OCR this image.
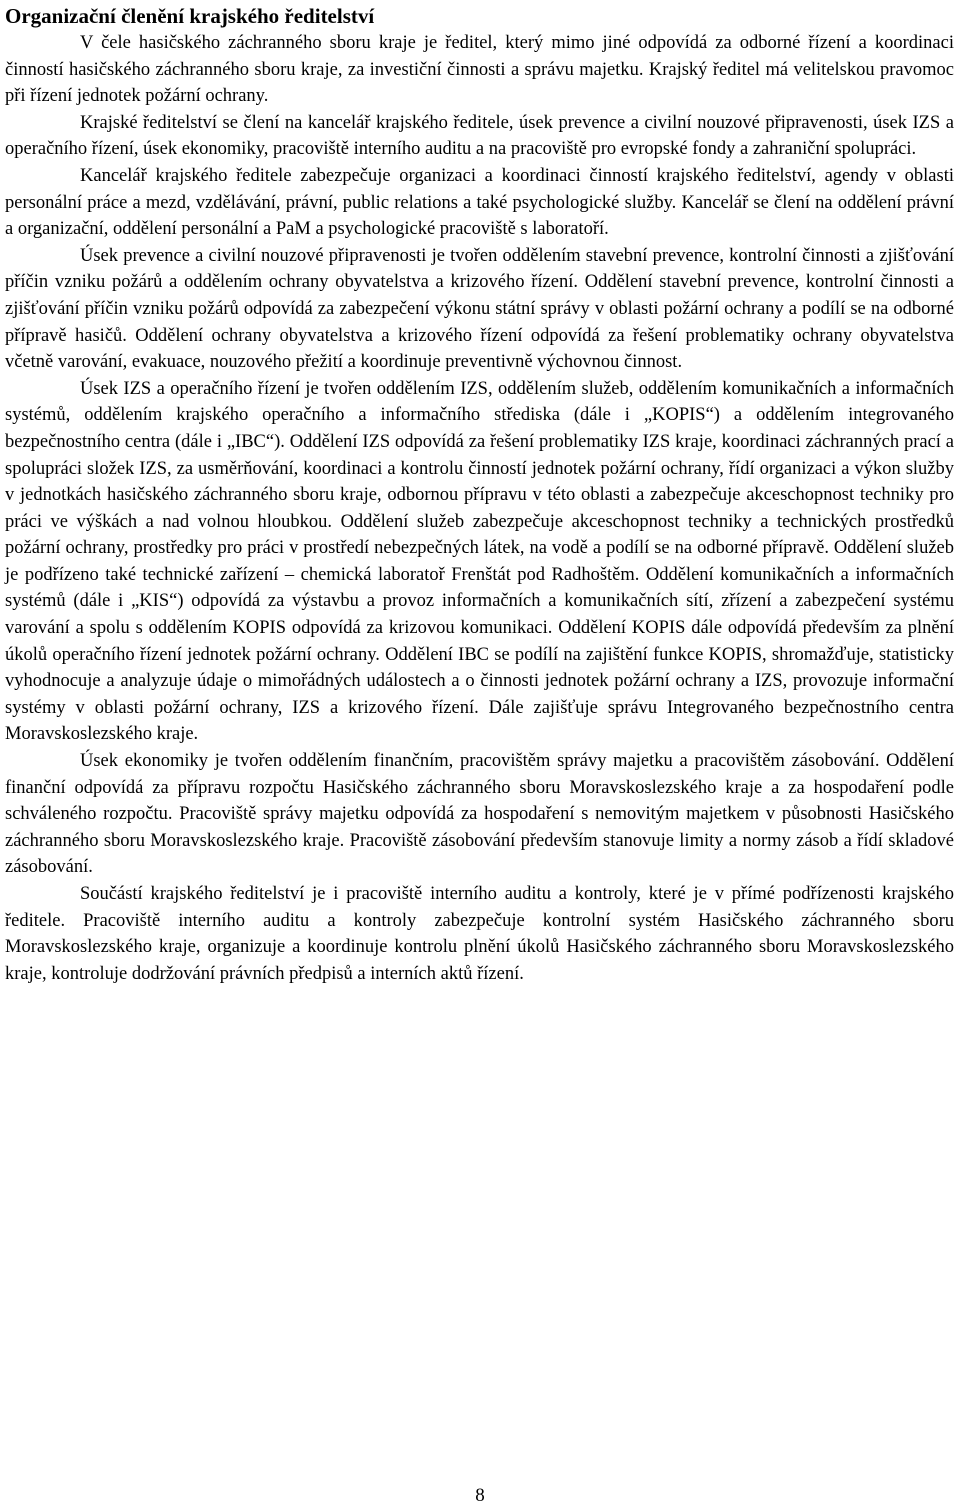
Organizační členění krajského ředitelství

V čele hasičského záchranného sboru kraje je ředitel, který mimo jiné odpovídá za odborné řízení a koordinaci činností hasičského záchranného sboru kraje, za investiční činnosti a správu majetku. Krajský ředitel má velitelskou pravomoc při řízení jednotek požární ochrany.

Krajské ředitelství se člení na kancelář krajského ředitele, úsek prevence a civilní nouzové připravenosti, úsek IZS a operačního řízení, úsek ekonomiky, pracoviště interního auditu a na pracoviště pro evropské fondy a zahraniční spolupráci.

Kancelář krajského ředitele zabezpečuje organizaci a koordinaci činností krajského ředitelství, agendy v oblasti personální práce a mezd, vzdělávání, právní, public relations a také psychologické služby. Kancelář se člení na oddělení právní a organizační, oddělení personální a PaM a psychologické pracoviště s laboratoří.

Úsek prevence a civilní nouzové připravenosti je tvořen oddělením stavební prevence, kontrolní činnosti a zjišťování příčin vzniku požárů a oddělením ochrany obyvatelstva a krizového řízení. Oddělení stavební prevence, kontrolní činnosti a zjišťování příčin vzniku požárů odpovídá za zabezpečení výkonu státní správy v oblasti požární ochrany a podílí se na odborné přípravě hasičů. Oddělení ochrany obyvatelstva a krizového řízení odpovídá za řešení problematiky ochrany obyvatelstva včetně varování, evakuace, nouzového přežití a koordinuje preventivně výchovnou činnost.

Úsek IZS a operačního řízení je tvořen oddělením IZS, oddělením služeb, oddělením komunikačních a informačních systémů, oddělením krajského operačního a informačního střediska (dále i „KOPIS“) a oddělením integrovaného bezpečnostního centra (dále i „IBC“). Oddělení IZS odpovídá za řešení problematiky IZS kraje, koordinaci záchranných prací a spolupráci složek IZS, za usměrňování, koordinaci a kontrolu činností jednotek požární ochrany, řídí organizaci a výkon služby v jednotkách hasičského záchranného sboru kraje, odbornou přípravu v této oblasti a zabezpečuje akceschopnost techniky pro práci ve výškách a nad volnou hloubkou. Oddělení služeb zabezpečuje akceschopnost techniky a technických prostředků požární ochrany, prostředky pro práci v prostředí nebezpečných látek, na vodě a podílí se na odborné přípravě. Oddělení služeb je podřízeno také technické zařízení – chemická laboratoř Frenštát pod Radhoštěm. Oddělení komunikačních a informačních systémů (dále i „KIS“) odpovídá za výstavbu a provoz informačních a komunikačních sítí, zřízení a zabezpečení systému varování a spolu s oddělením KOPIS odpovídá za krizovou komunikaci. Oddělení KOPIS dále odpovídá především za plnění úkolů operačního řízení jednotek požární ochrany. Oddělení IBC se podílí na zajištění funkce KOPIS, shromažďuje, statisticky vyhodnocuje a analyzuje údaje o mimořádných událostech a o činnosti jednotek požární ochrany a IZS, provozuje informační systémy v oblasti požární ochrany, IZS a krizového řízení. Dále zajišťuje správu Integrovaného bezpečnostního centra Moravskoslezského kraje.

Úsek ekonomiky je tvořen oddělením finančním, pracovištěm správy majetku a pracovištěm zásobování. Oddělení finanční odpovídá za přípravu rozpočtu Hasičského záchranného sboru Moravskoslezského kraje a za hospodaření podle schváleného rozpočtu. Pracoviště správy majetku odpovídá za hospodaření s nemovitým majetkem v působnosti Hasičského záchranného sboru Moravskoslezského kraje. Pracoviště zásobování především stanovuje limity a normy zásob a řídí skladové zásobování.

Součástí krajského ředitelství je i pracoviště interního auditu a kontroly, které je v přímé podřízenosti krajského ředitele. Pracoviště interního auditu a kontroly zabezpečuje kontrolní systém Hasičského záchranného sboru Moravskoslezského kraje, organizuje a koordinuje kontrolu plnění úkolů Hasičského záchranného sboru Moravskoslezského kraje, kontroluje dodržování právních předpisů a interních aktů řízení.

8
